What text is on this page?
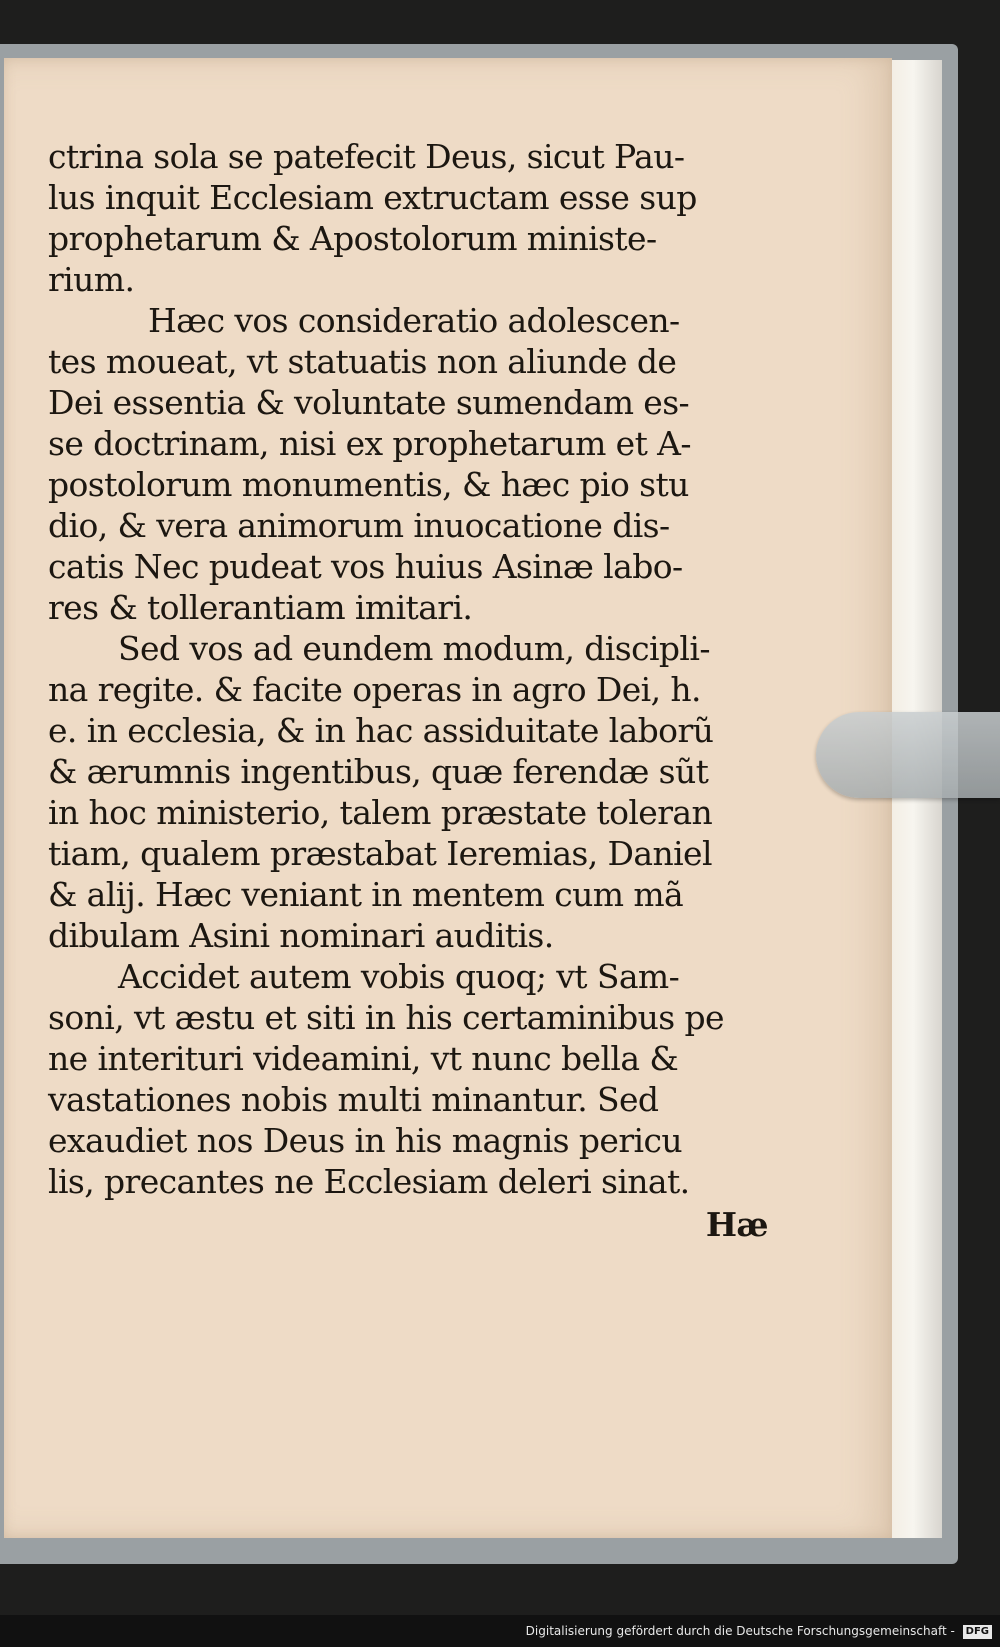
ctrina sola se patefecit Deus, sicut Pau-
lus inquit Ecclesiam extructam esse sup
prophetarum & Apostolorum ministe-
rium.
Hæc vos consideratio adolescen-
tes moueat, vt statuatis non aliunde de
Dei essentia & voluntate sumendam es-
se doctrinam, nisi ex prophetarum et A-
postolorum monumentis, & hæc pio stu
dio, & vera animorum inuocatione dis-
catis Nec pudeat vos huius Asinæ labo-
res & tollerantiam imitari.
Sed vos ad eundem modum, discipli-
na regite. & facite operas in agro Dei, h.
e. in ecclesia, & in hac assiduitate laborũ
& ærumnis ingentibus, quæ ferendæ sũt
in hoc ministerio, talem præstate toleran
tiam, qualem præstabat Ieremias, Daniel
& alij. Hæc veniant in mentem cum mã
dibulam Asini nominari auditis.
Accidet autem vobis quoq; vt Sam-
soni, vt æstu et siti in his certaminibus pe
ne interituri videamini, vt nunc bella &
vastationes nobis multi minantur. Sed
exaudiet nos Deus in his magnis pericu
lis, precantes ne Ecclesiam deleri sinat.
Hæ
Digitalisierung gefördert durch die Deutsche Forschungsgemeinschaft - DFG
